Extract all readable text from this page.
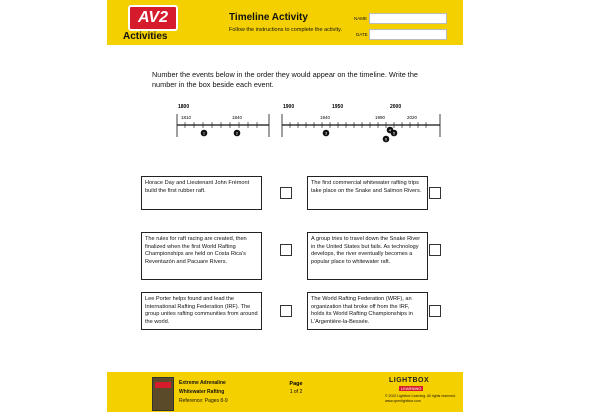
AV2
Activities
Timeline Activity
Follow the instructions to complete the activity.
NAME
DATE
Number the events below in the order they would appear on the timeline. Write the number in the box beside each event.
1800
1810	1840
1	2
1900	1950	2000
1940	1990	2020
3
4
5
6
Horace Day and Lieutenant John Frémont build the first rubber raft.
The rules for raft racing are created, then finalized when the first World Rafting Championships are held on Costa Rica's Reventazón and Pacuare Rivers.
Lee Porter helps found and lead the International Rafting Federation (IRF). The group unites rafting communities from around the world.
The first commercial whitewater rafting trips take place on the Snake and Salmon Rivers.
A group tries to travel down the Snake River in the United States but fails. As technology develops, the river eventually becomes a popular place to whitewater raft.
The World Rafting Federation (WRF), an organization that broke off from the IRF, holds its World Rafting Championships in L'Argentière-la-Bessée.
Extreme Adrenaline
Whitewater Rafting
Reference: Pages 8-9
Page
1 of 2
LIGHTBOX
LEARNING
© 2022 Lightbox Learning. All rights reserved.
www.openlightbox.com
